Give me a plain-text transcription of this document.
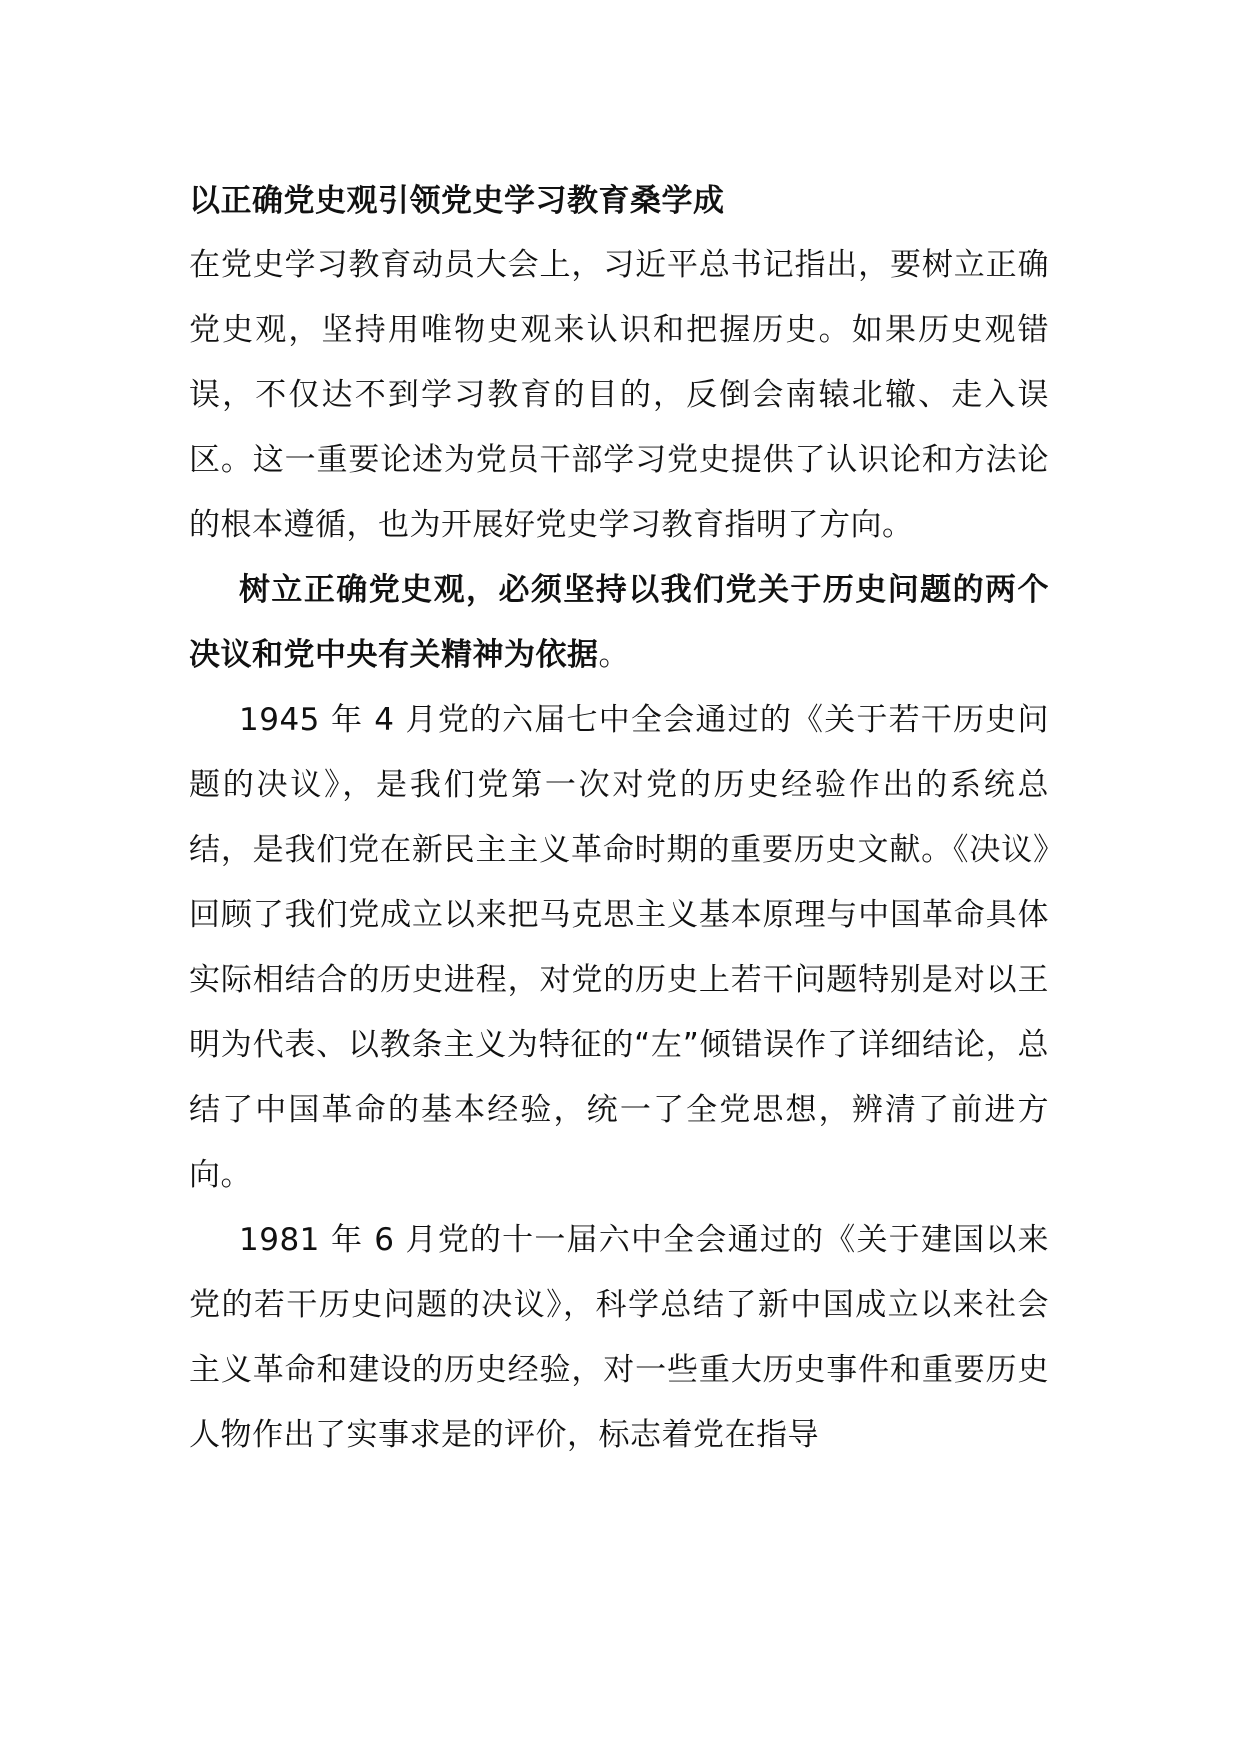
以正确党史观引领党史学习教育桑学成

在党史学习教育动员大会上，习近平总书记指出，要树立正确党史观，坚持用唯物史观来认识和把握历史。如果历史观错误，不仅达不到学习教育的目的，反倒会南辕北辙、走入误区。这一重要论述为党员干部学习党史提供了认识论和方法论的根本遵循，也为开展好党史学习教育指明了方向。

树立正确党史观，必须坚持以我们党关于历史问题的两个决议和党中央有关精神为依据。

1945 年 4 月党的六届七中全会通过的《关于若干历史问题的决议》，是我们党第一次对党的历史经验作出的系统总结，是我们党在新民主主义革命时期的重要历史文献。《决议》回顾了我们党成立以来把马克思主义基本原理与中国革命具体实际相结合的历史进程，对党的历史上若干问题特别是对以王明为代表、以教条主义为特征的“左”倾错误作了详细结论，总结了中国革命的基本经验，统一了全党思想，辨清了前进方向。

1981 年 6 月党的十一届六中全会通过的《关于建国以来党的若干历史问题的决议》，科学总结了新中国成立以来社会主义革命和建设的历史经验，对一些重大历史事件和重要历史人物作出了实事求是的评价，标志着党在指导
